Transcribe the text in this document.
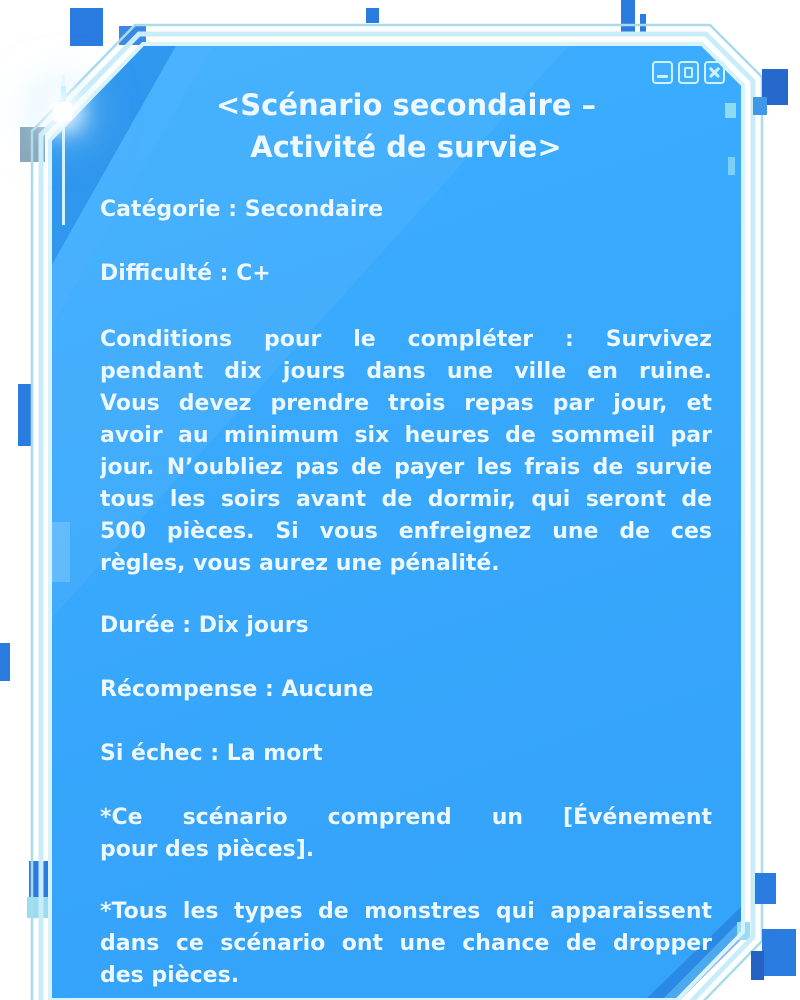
<Scénario secondaire –
Activité de survie>
Catégorie : Secondaire
Difficulté : C+
Conditions pour le compléter : Survivez
pendant dix jours dans une ville en ruine.
Vous devez prendre trois repas par jour, et
avoir au minimum six heures de sommeil par
jour. N’oubliez pas de payer les frais de survie
tous les soirs avant de dormir, qui seront de
500 pièces. Si vous enfreignez une de ces
règles, vous aurez une pénalité.
Durée : Dix jours
Récompense : Aucune
Si échec : La mort
*Ce scénario comprend un [Événement
pour des pièces].
*Tous les types de monstres qui apparaissent
dans ce scénario ont une chance de dropper
des pièces.
